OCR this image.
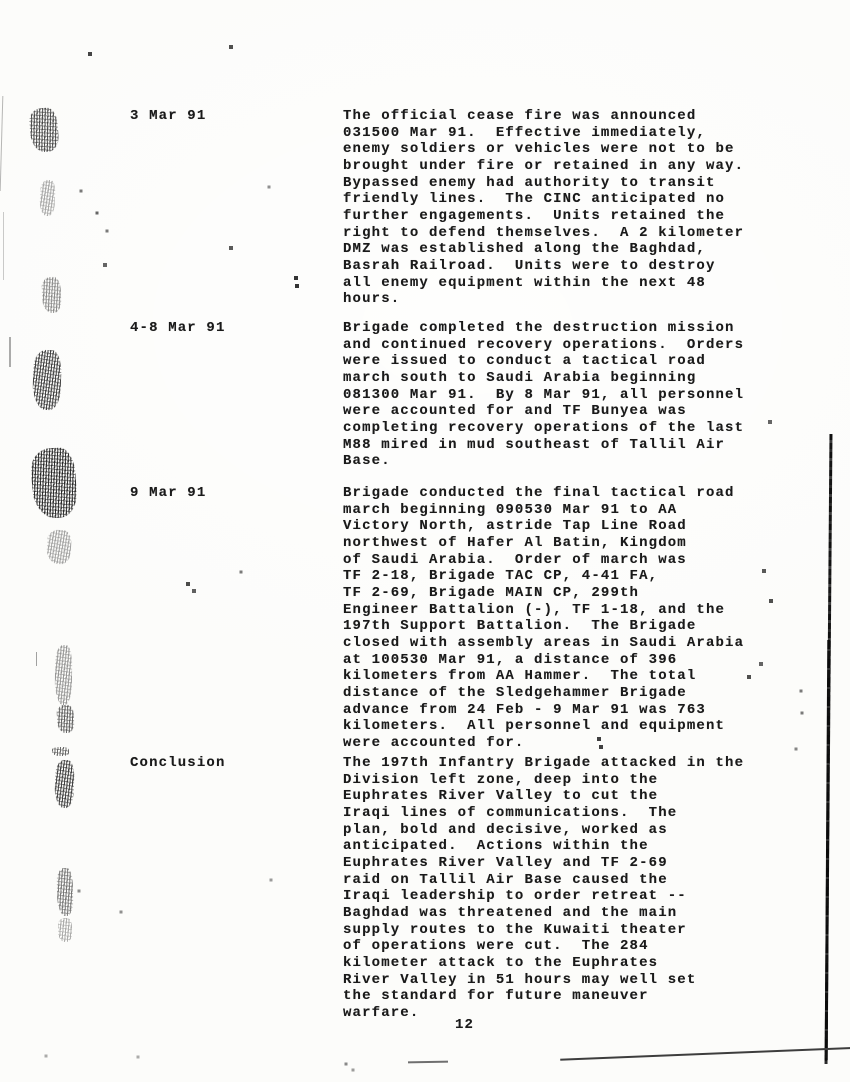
3 Mar 91	The official cease fire was announced
031500 Mar 91.  Effective immediately,
enemy soldiers or vehicles were not to be
brought under fire or retained in any way.
Bypassed enemy had authority to transit
friendly lines.  The CINC anticipated no
further engagements.  Units retained the
right to defend themselves.  A 2 kilometer
DMZ was established along the Baghdad,
Basrah Railroad.  Units were to destroy
all enemy equipment within the next 48
hours.
4-8 Mar 91	Brigade completed the destruction mission
and continued recovery operations.  Orders
were issued to conduct a tactical road
march south to Saudi Arabia beginning
081300 Mar 91.  By 8 Mar 91, all personnel
were accounted for and TF Bunyea was
completing recovery operations of the last
M88 mired in mud southeast of Tallil Air
Base.
9 Mar 91	Brigade conducted the final tactical road
march beginning 090530 Mar 91 to AA
Victory North, astride Tap Line Road
northwest of Hafer Al Batin, Kingdom
of Saudi Arabia.  Order of march was
TF 2-18, Brigade TAC CP, 4-41 FA,
TF 2-69, Brigade MAIN CP, 299th
Engineer Battalion (-), TF 1-18, and the
197th Support Battalion.  The Brigade
closed with assembly areas in Saudi Arabia
at 100530 Mar 91, a distance of 396
kilometers from AA Hammer.  The total
distance of the Sledgehammer Brigade
advance from 24 Feb - 9 Mar 91 was 763
kilometers.  All personnel and equipment
were accounted for.
Conclusion	The 197th Infantry Brigade attacked in the
Division left zone, deep into the
Euphrates River Valley to cut the
Iraqi lines of communications.  The
plan, bold and decisive, worked as
anticipated.  Actions within the
Euphrates River Valley and TF 2-69
raid on Tallil Air Base caused the
Iraqi leadership to order retreat --
Baghdad was threatened and the main
supply routes to the Kuwaiti theater
of operations were cut.  The 284
kilometer attack to the Euphrates
River Valley in 51 hours may well set
the standard for future maneuver
warfare.
12
